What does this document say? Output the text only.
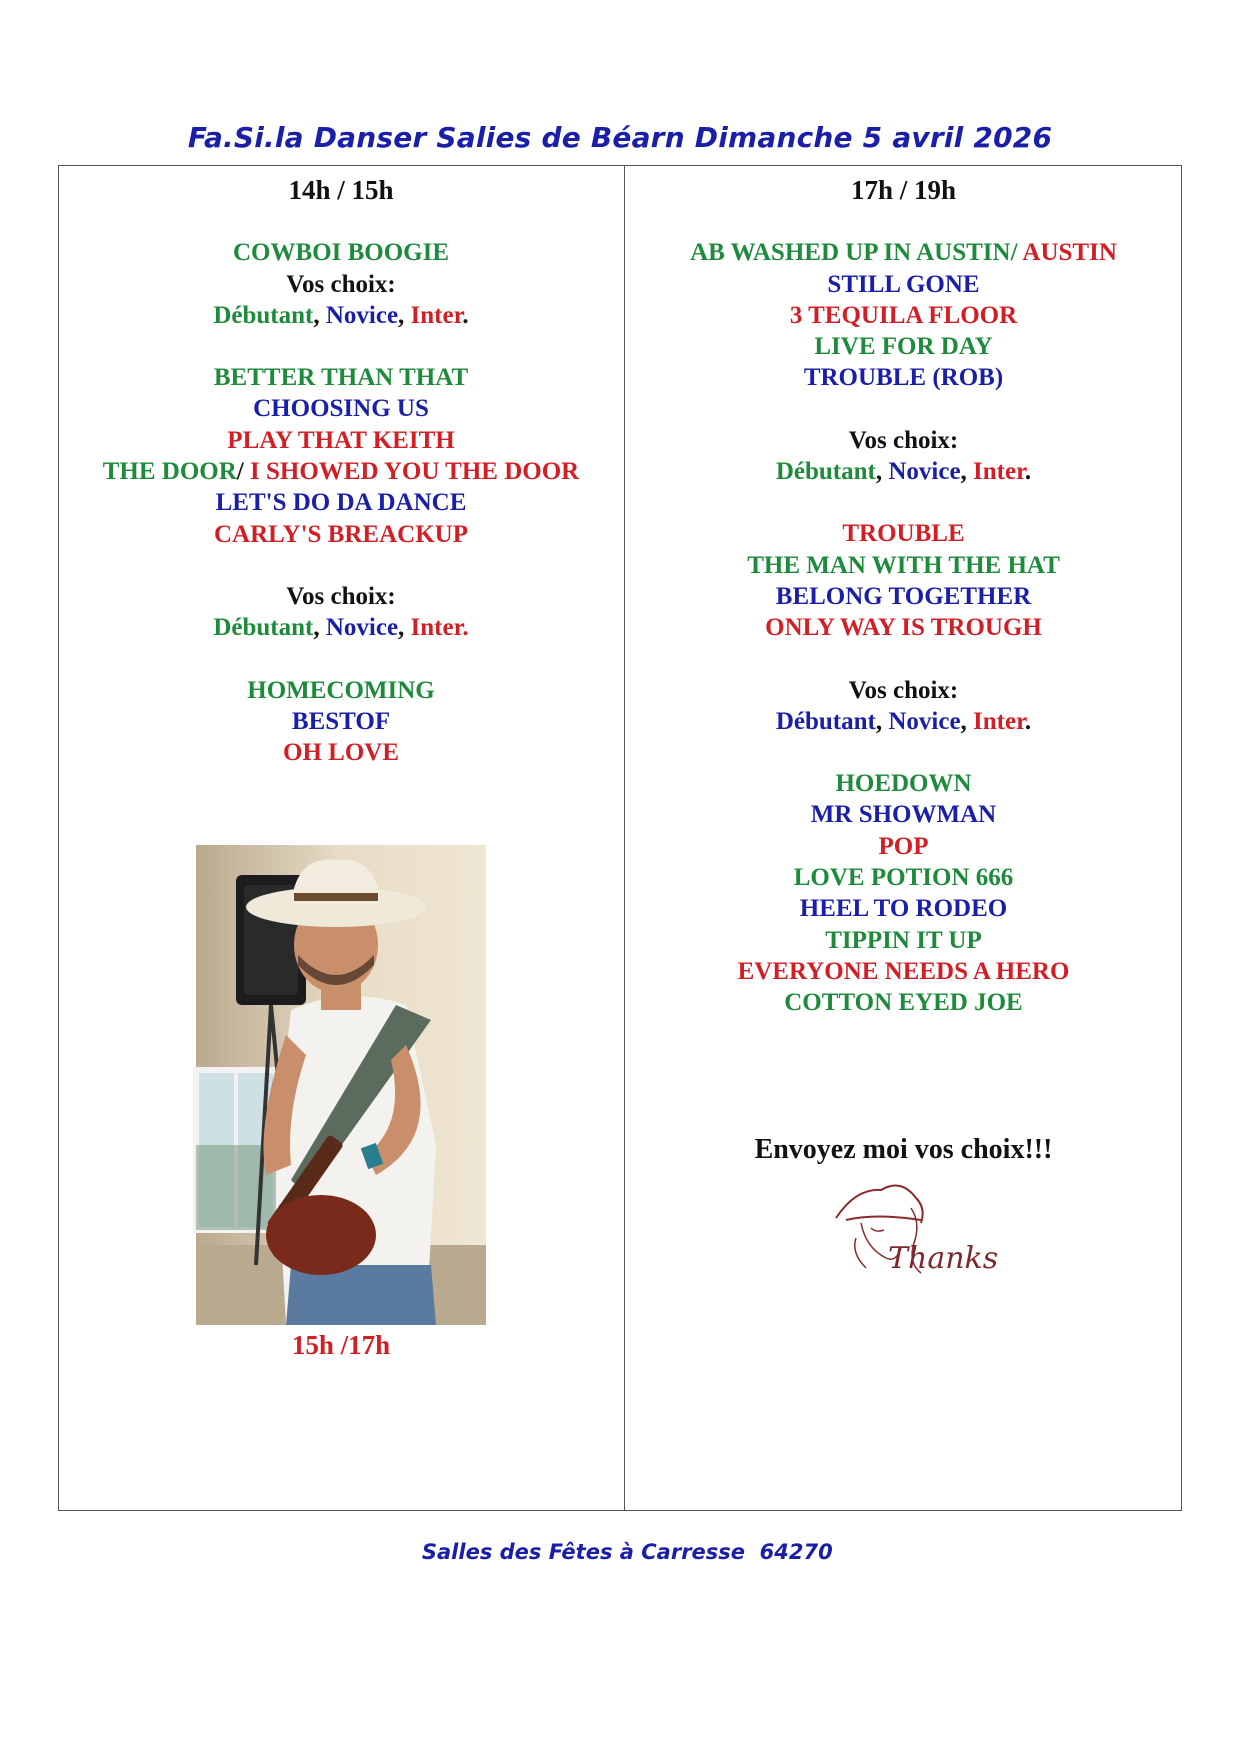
Fa.Si.la Danser Salies de Béarn Dimanche 5 avril 2026
14h / 15h
COWBOI BOOGIE
Vos choix:
Débutant, Novice, Inter.
BETTER THAN THAT
CHOOSING US
PLAY THAT KEITH
THE DOOR/ I SHOWED YOU THE DOOR
LET'S DO DA DANCE
CARLY'S BREACKUP
Vos choix:
Débutant, Novice, Inter.
HOMECOMING
BESTOF
OH LOVE
15h /17h
17h / 19h
AB WASHED UP IN AUSTIN/ AUSTIN
STILL GONE
3 TEQUILA FLOOR
LIVE FOR DAY
TROUBLE (ROB)
Vos choix:
Débutant, Novice, Inter.
TROUBLE
THE MAN WITH THE HAT
BELONG TOGETHER
ONLY WAY IS TROUGH
Vos choix:
Débutant, Novice, Inter.
HOEDOWN
MR SHOWMAN
POP
LOVE POTION 666
HEEL TO RODEO
TIPPIN IT UP
EVERYONE NEEDS A HERO
COTTON EYED JOE
Envoyez moi vos choix!!!
Thanks

Salles des Fêtes à Carresse  64270
